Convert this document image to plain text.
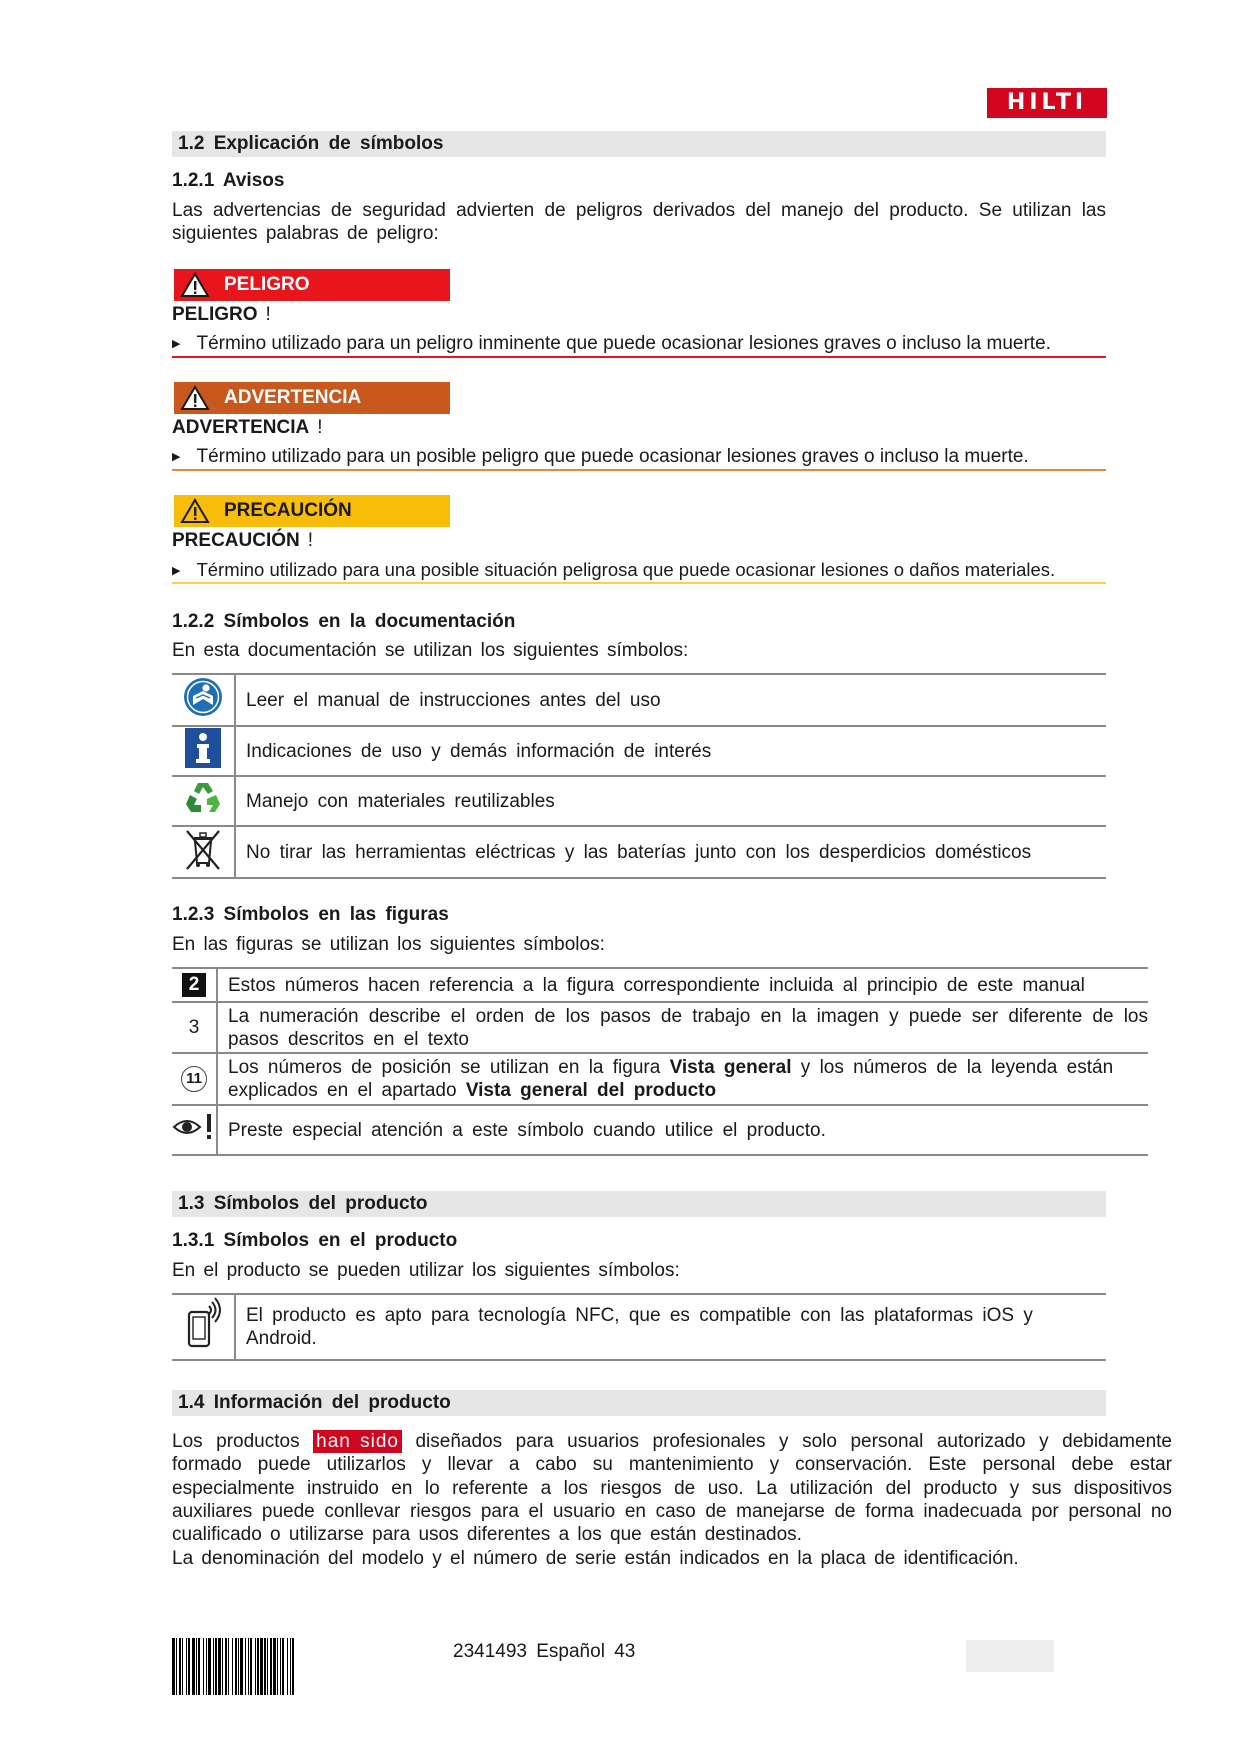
HILTI
1.2 Explicación de símbolos
1.2.1 Avisos
Las advertencias de seguridad advierten de peligros derivados del manejo del producto. Se utilizan las siguientes palabras de peligro:
PELIGRO
PELIGRO !
▶ Término utilizado para un peligro inminente que puede ocasionar lesiones graves o incluso la muerte.
ADVERTENCIA
ADVERTENCIA !
▶ Término utilizado para un posible peligro que puede ocasionar lesiones graves o incluso la muerte.
PRECAUCIÓN
PRECAUCIÓN !
▶ Término utilizado para una posible situación peligrosa que puede ocasionar lesiones o daños materiales.
1.2.2 Símbolos en la documentación
En esta documentación se utilizan los siguientes símbolos:
	Leer el manual de instrucciones antes del uso
	Indicaciones de uso y demás información de interés
	Manejo con materiales reutilizables
	No tirar las herramientas eléctricas y las baterías junto con los desperdicios domésticos
1.2.3 Símbolos en las figuras
En las figuras se utilizan los siguientes símbolos:
2	Estos números hacen referencia a la figura correspondiente incluida al principio de este manual
3	La numeración describe el orden de los pasos de trabajo en la imagen y puede ser diferente de los pasos descritos en el texto

11	Los números de posición se utilizan en la figura Vista general y los números de la leyenda están explicados en el apartado Vista general del producto
	Preste especial atención a este símbolo cuando utilice el producto.
1.3 Símbolos del producto
1.3.1 Símbolos en el producto
En el producto se pueden utilizar los siguientes símbolos:
	El producto es apto para tecnología NFC, que es compatible con las plataformas iOS y Android.
1.4 Información del producto
Los productos han sido diseñados para usuarios profesionales y solo personal autorizado y debidamente formado puede utilizarlos y llevar a cabo su mantenimiento y conservación. Este personal debe estar especialmente instruido en lo referente a los riesgos de uso. La utilización del producto y sus dispositivos auxiliares puede conllevar riesgos para el usuario en caso de manejarse de forma inadecuada por personal no cualificado o utilizarse para usos diferentes a los que están destinados.
La denominación del modelo y el número de serie están indicados en la placa de identificación.
2341493 Español 43
